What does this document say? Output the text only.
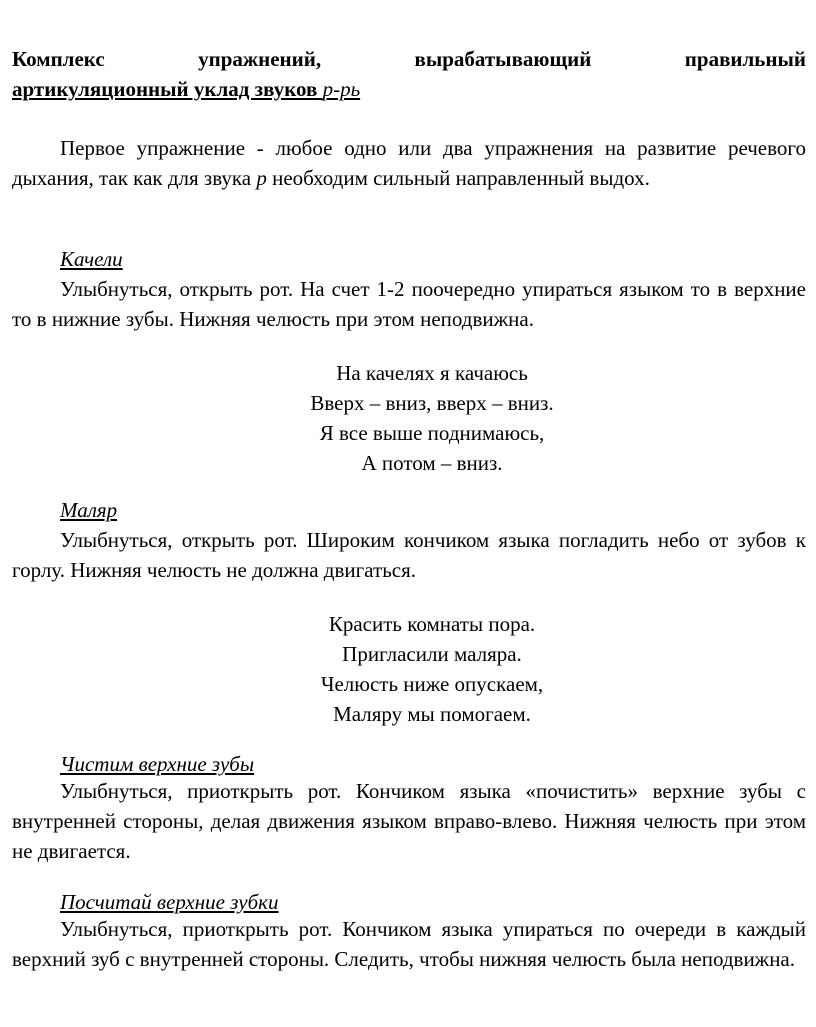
Комплекс	упражнений,	вырабатывающий	правильный
артикуляционный уклад звуков р-рь
Первое упражнение - любое одно или два упражнения на развитие речевого дыхания, так как для звука р необходим сильный направленный выдох.
Качели
Улыбнуться, открыть рот. На счет 1-2 поочередно упираться языком то в верхние то в нижние зубы. Нижняя челюсть при этом неподвижна.
На качелях я качаюсь
Вверх – вниз, вверх – вниз.
Я все выше поднимаюсь,
А потом – вниз.
Маляр
Улыбнуться, открыть рот. Широким кончиком языка погладить небо от зубов к горлу. Нижняя челюсть не должна двигаться.
Красить комнаты пора.
Пригласили маляра.
Челюсть ниже опускаем,
Маляру мы помогаем.
Чистим верхние зубы
Улыбнуться, приоткрыть рот. Кончиком языка «почистить» верхние зубы с внутренней стороны, делая движения языком вправо-влево. Нижняя челюсть при этом не двигается.
Посчитай верхние зубки
Улыбнуться, приоткрыть рот. Кончиком языка упираться по очереди в каждый верхний зуб с внутренней стороны. Следить, чтобы нижняя челюсть была неподвижна.
